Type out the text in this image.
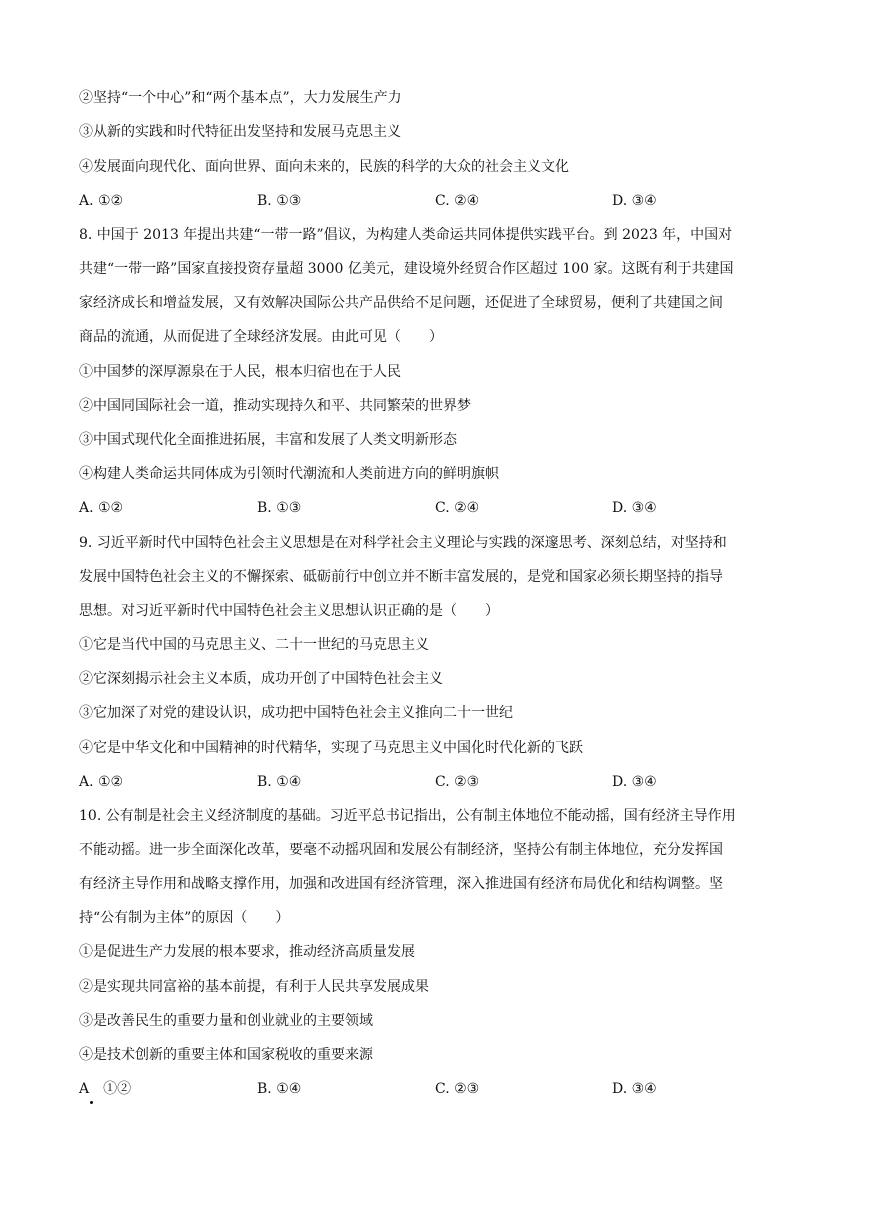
②坚持“一个中心”和“两个基本点”，大力发展生产力
③从新的实践和时代特征出发坚持和发展马克思主义
④发展面向现代化、面向世界、面向未来的，民族的科学的大众的社会主义文化
A. ①②	B. ①③	C. ②④	D. ③④
8. 中国于 2013 年提出共建“一带一路”倡议，为构建人类命运共同体提供实践平台。到 2023 年，中国对
共建“一带一路”国家直接投资存量超 3000 亿美元，建设境外经贸合作区超过 100 家。这既有利于共建国
家经济成长和增益发展，又有效解决国际公共产品供给不足问题，还促进了全球贸易，便利了共建国之间
商品的流通，从而促进了全球经济发展。由此可见（　　）
①中国梦的深厚源泉在于人民，根本归宿也在于人民
②中国同国际社会一道，推动实现持久和平、共同繁荣的世界梦
③中国式现代化全面推进拓展，丰富和发展了人类文明新形态
④构建人类命运共同体成为引领时代潮流和人类前进方向的鲜明旗帜
A. ①②	B. ①③	C. ②④	D. ③④
9. 习近平新时代中国特色社会主义思想是在对科学社会主义理论与实践的深邃思考、深刻总结，对坚持和
发展中国特色社会主义的不懈探索、砥砺前行中创立并不断丰富发展的，是党和国家必须长期坚持的指导
思想。对习近平新时代中国特色社会主义思想认识正确的是（　　）
①它是当代中国的马克思主义、二十一世纪的马克思主义
②它深刻揭示社会主义本质，成功开创了中国特色社会主义
③它加深了对党的建设认识，成功把中国特色社会主义推向二十一世纪
④它是中华文化和中国精神的时代精华，实现了马克思主义中国化时代化新的飞跃
A. ①②	B. ①④	C. ②③	D. ③④
10. 公有制是社会主义经济制度的基础。习近平总书记指出，公有制主体地位不能动摇，国有经济主导作用
不能动摇。进一步全面深化改革，要毫不动摇巩固和发展公有制经济，坚持公有制主体地位，充分发挥国
有经济主导作用和战略支撑作用，加强和改进国有经济管理，深入推进国有经济布局优化和结构调整。坚
持“公有制为主体”的原因（　　）
①是促进生产力发展的根本要求，推动经济高质量发展
②是实现共同富裕的基本前提，有利于人民共享发展成果
③是改善民生的重要力量和创业就业的主要领域
④是技术创新的重要主体和国家税收的重要来源
A　①②	B. ①④	C. ②③	D. ③④
